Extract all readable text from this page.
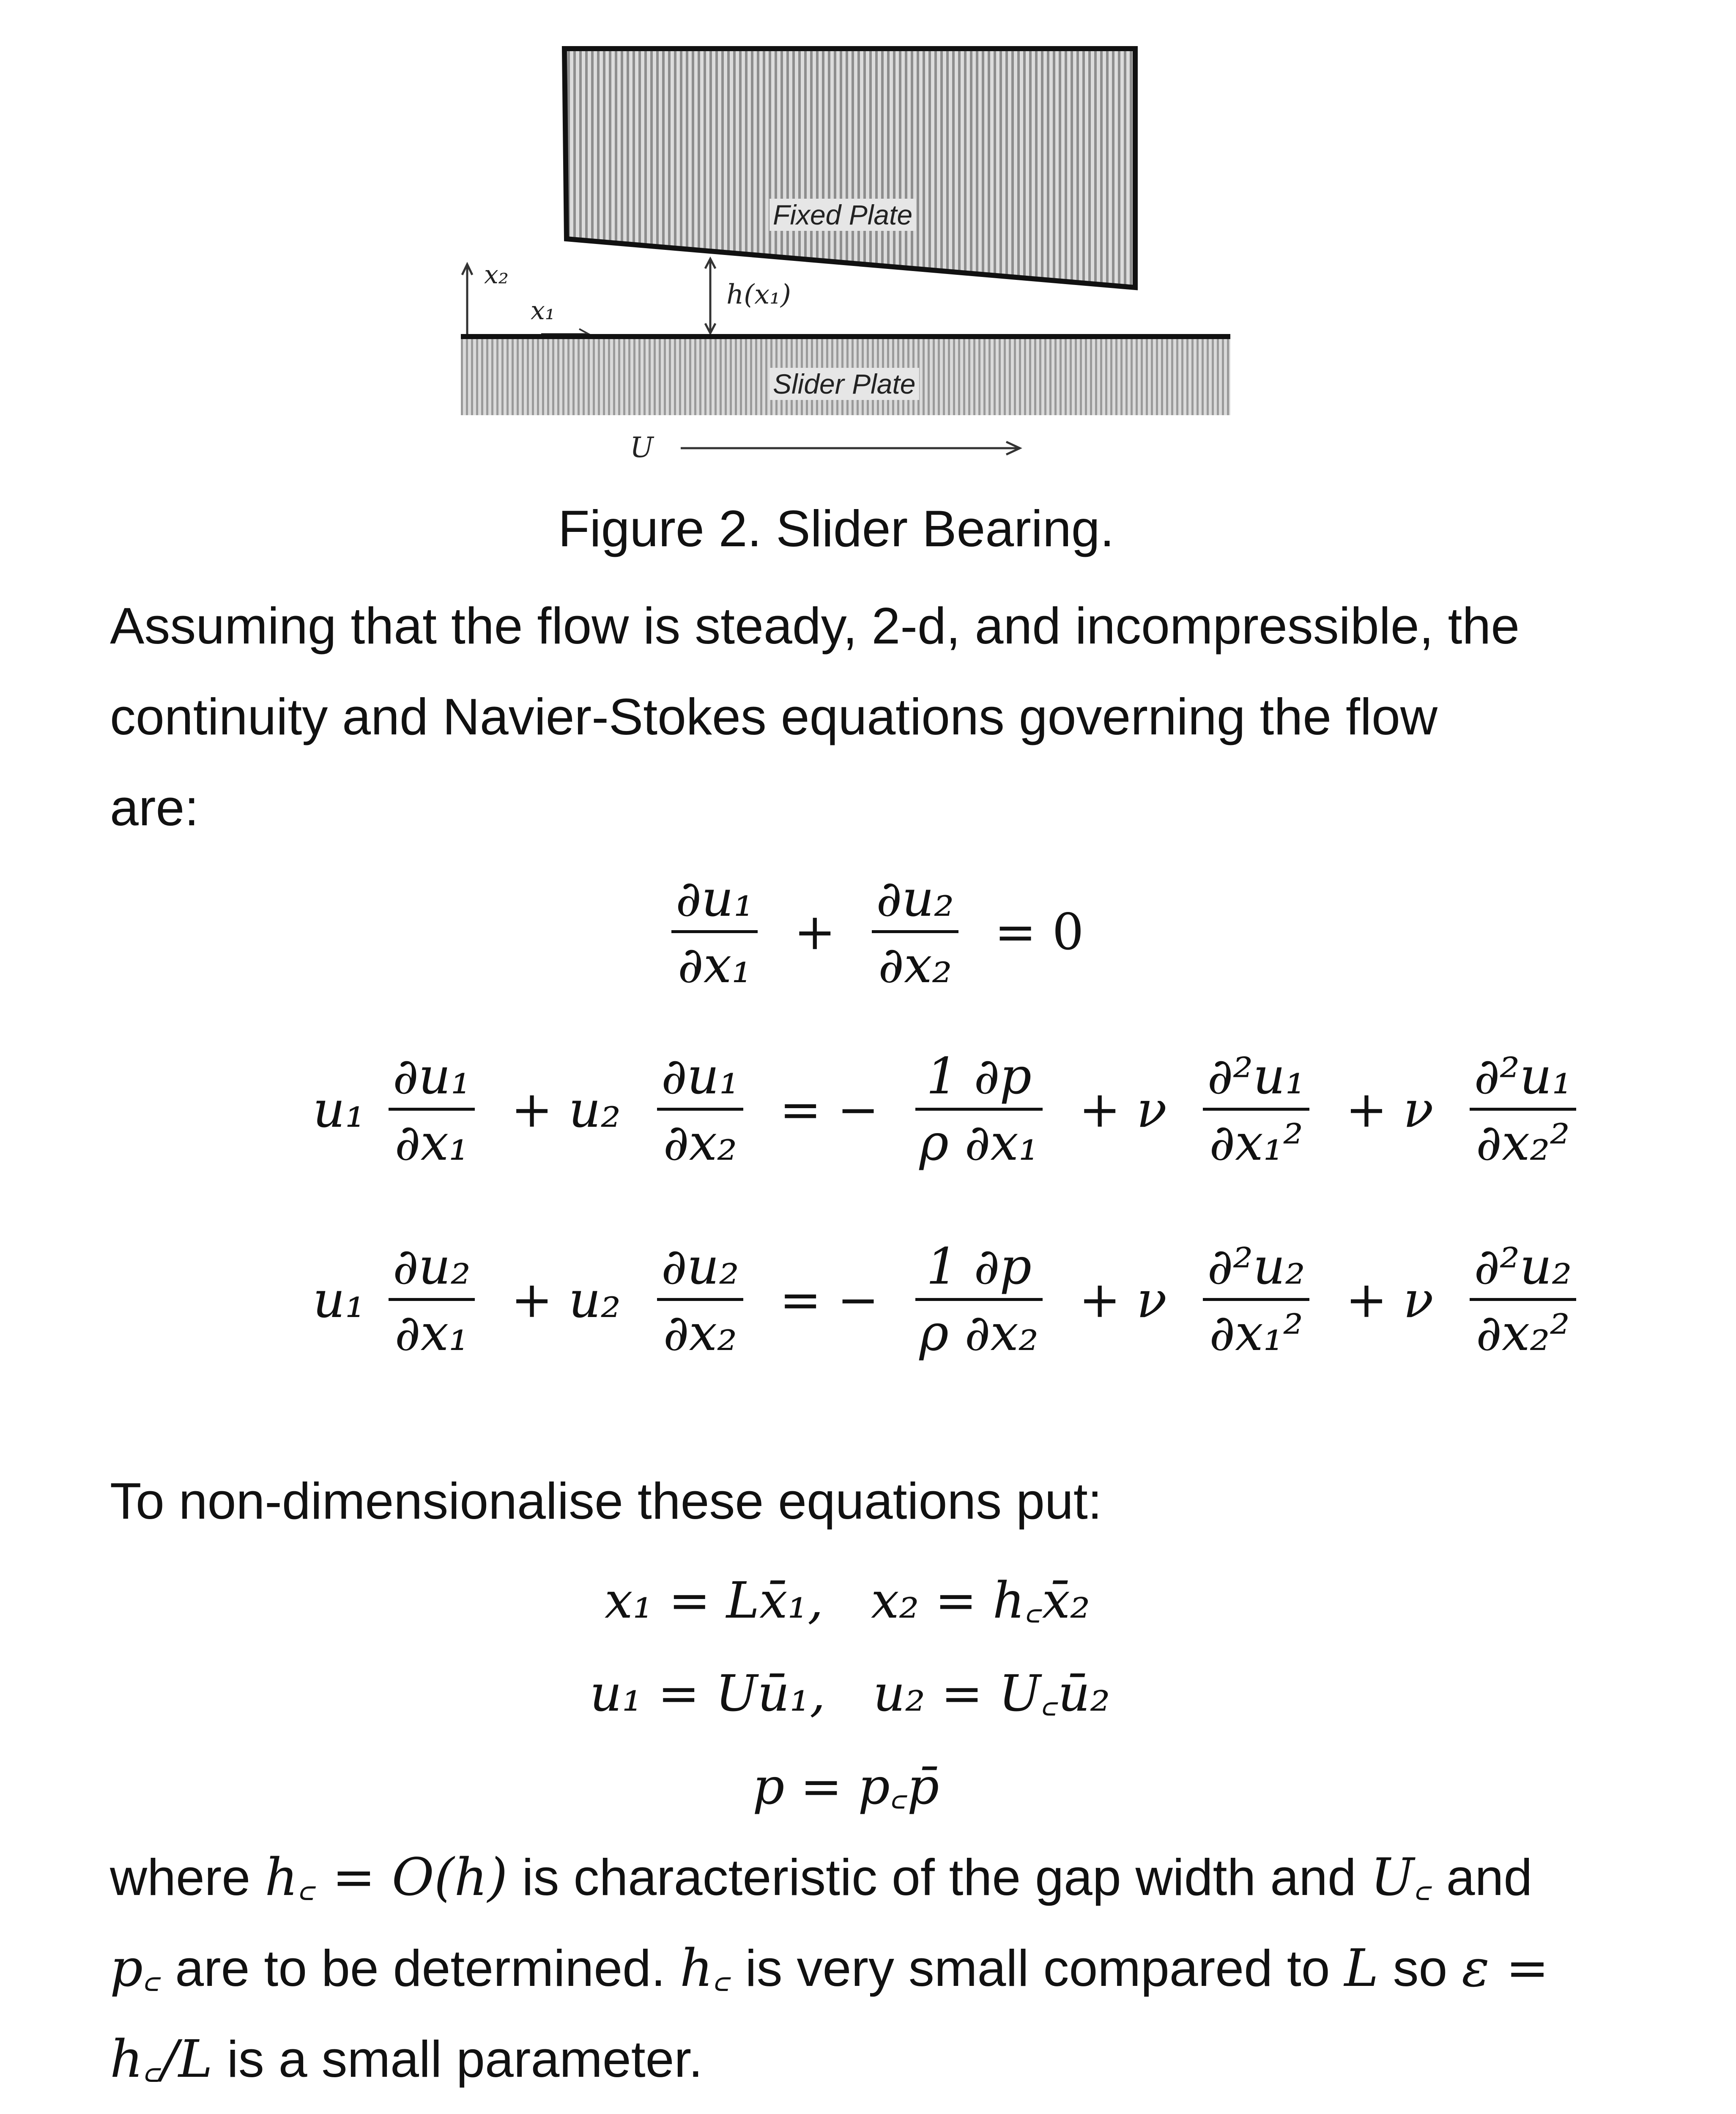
Fixed Plate
h(x₁)
x₂
x₁
Slider Plate
U
Figure 2. Slider Bearing.
Assuming that the flow is steady, 2-d, and incompressible, the
continuity and Navier-Stokes equations governing the flow
are:
$\frac{\text{∂u₁}}{\text{∂x₁}} + \frac{\text{∂u₂}}{\text{∂x₂}} = 0$
$u_1 \frac{\text{∂u₁}}{\text{∂x₁}} + u_2 \frac{\text{∂u₁}}{\text{∂x₂}}$ = − $\frac{1 \partial p}{\text{ρ ∂x₁}} + \nu \frac{\text{∂²u₁}}{\text{∂x₁²}} + \nu \frac{\text{∂²u₁}}{\text{∂x₂²}}$
$u_1 \frac{\text{∂u₂}}{\text{∂x₁}} + u_2 \frac{\text{∂u₂}}{\text{∂x₂}}$ = − $\frac{1 \partial p}{\text{ρ ∂x₂}} + \nu \frac{\text{∂²u₂}}{\text{∂x₁²}} + \nu \frac{\text{∂²u₂}}{\text{∂x₂²}}$
To non-dimensionalise these equations put:
x₁ = Lx̄₁,   x₂ = h꜀x̄₂
u₁ = Uū₁,   u₂ = U꜀ū₂
p = p꜀p̄
where h꜀ = O(h) is characteristic of the gap width and U꜀ and
p꜀ are to be determined. h꜀ is very small compared to L so ε =
h꜀/L is a small parameter.
